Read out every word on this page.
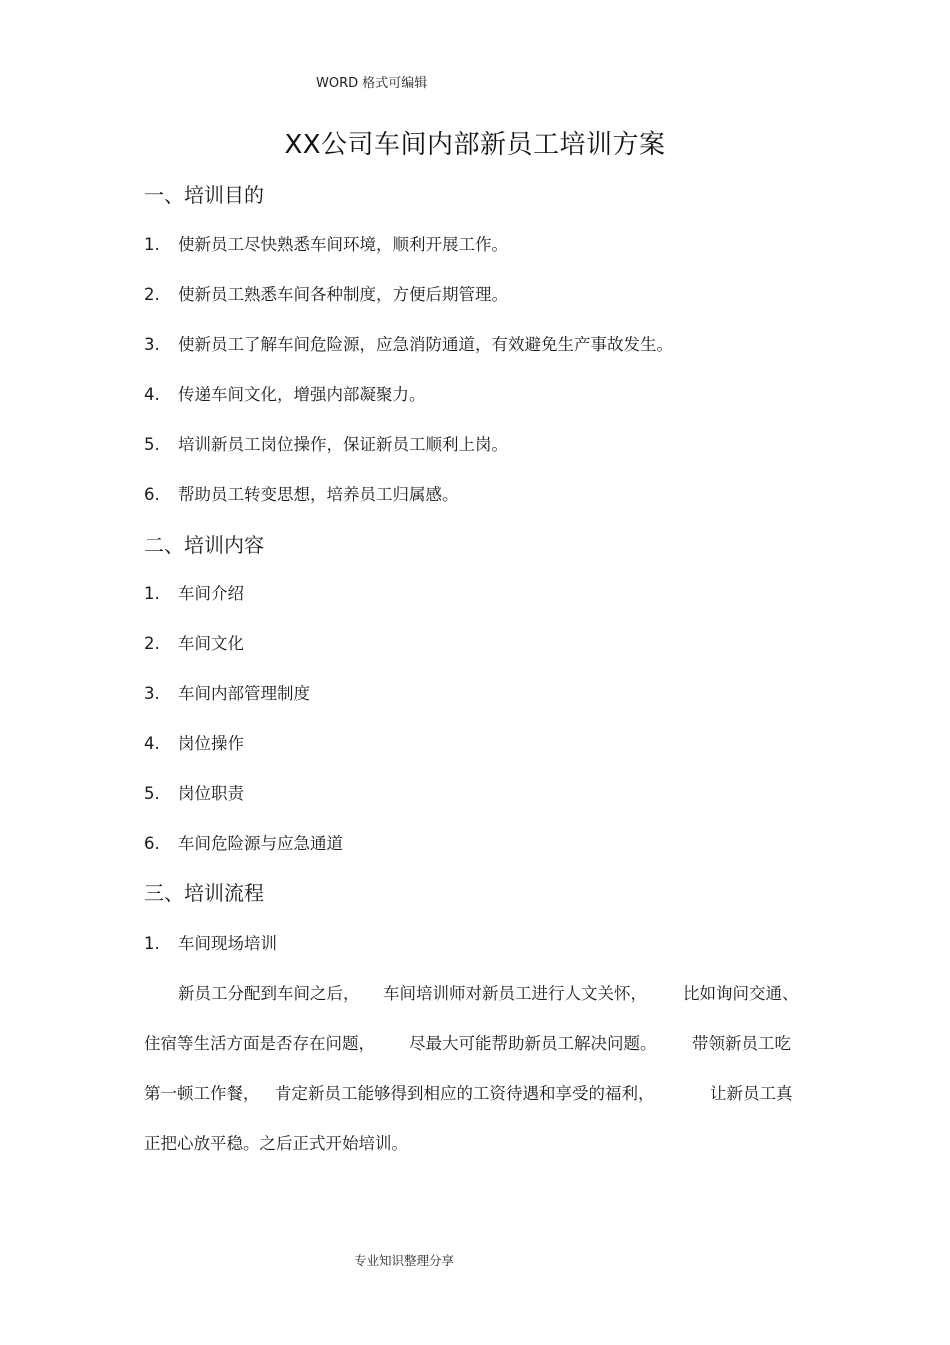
WORD 格式可编辑
XX公司车间内部新员工培训方案
一、培训目的
1. 使新员工尽快熟悉车间环境，顺利开展工作。
2. 使新员工熟悉车间各种制度，方便后期管理。
3. 使新员工了解车间危险源，应急消防通道，有效避免生产事故发生。
4. 传递车间文化，增强内部凝聚力。
5. 培训新员工岗位操作，保证新员工顺利上岗。
6. 帮助员工转变思想，培养员工归属感。
二、培训内容
1. 车间介绍
2. 车间文化
3. 车间内部管理制度
4. 岗位操作
5. 岗位职责
6. 车间危险源与应急通道
三、培训流程
1. 车间现场培训
新员工分配到车间之后， 车间培训师对新员工进行人文关怀， 比如询问交通、
住宿等生活方面是否存在问题， 尽最大可能帮助新员工解决问题。 带领新员工吃
第一顿工作餐， 肯定新员工能够得到相应的工资待遇和享受的福利，	让新员工真
正把心放平稳。之后正式开始培训。
专业知识整理分享
